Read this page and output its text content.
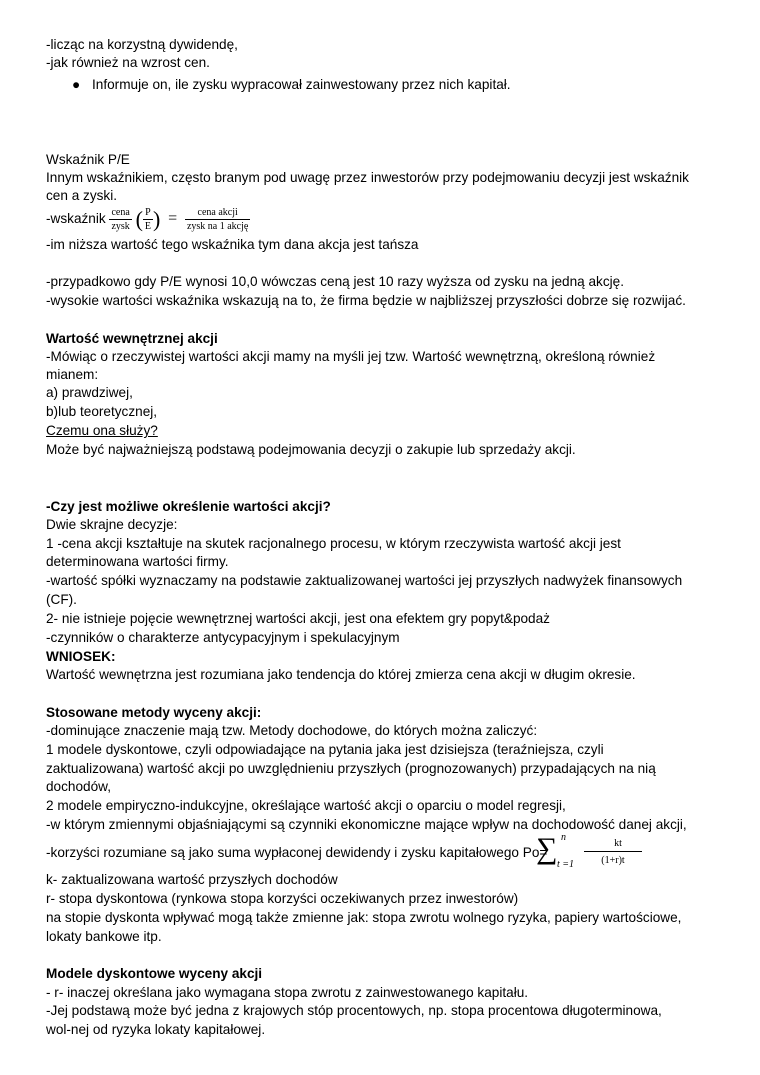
-licząc na korzystną dywidendę,
-jak również na wzrost cen.
● Informuje on, ile zysku wypracował zainwestowany przez nich kapitał.
Wskaźnik P/E
Innym wskaźnikiem, często branym pod uwagę przez inwestorów przy podejmowaniu decyzji jest wskaźnik
cen a zyski.
-wskaźnik $\frac{\text{cena}}{\text{zysk}}$ ( $\frac{P}{E}$ ) = $\frac{\text{cena akcji}}{\text{zysk na 1 akcję}}$
-im niższa wartość tego wskaźnika tym dana akcja jest tańsza
-przypadkowo gdy P/E wynosi 10,0 wówczas ceną jest 10 razy wyższa od zysku na jedną akcję.
-wysokie wartości wskaźnika wskazują na to, że firma będzie w najbliższej przyszłości dobrze się rozwijać.
Wartość wewnętrznej akcji
-Mówiąc o rzeczywistej wartości akcji mamy na myśli jej tzw. Wartość wewnętrzną, określoną również
mianem:
a) prawdziwej,
b)lub teoretycznej,
Czemu ona służy?
Może być najważniejszą podstawą podejmowania decyzji o zakupie lub sprzedaży akcji.
-Czy jest możliwe określenie wartości akcji?
Dwie skrajne decyzje:
1 -cena akcji kształtuje na skutek racjonalnego procesu, w którym rzeczywista wartość akcji jest
determinowana wartości firmy.
-wartość spółki wyznaczamy na podstawie zaktualizowanej wartości jej przyszłych nadwyżek finansowych
(CF).
2- nie istnieje pojęcie wewnętrznej wartości akcji, jest ona efektem gry popyt&podaż
-czynników o charakterze antycypacyjnym i spekulacyjnym
WNIOSEK:
Wartość wewnętrzna jest rozumiana jako tendencja do której zmierza cena akcji w długim okresie.
Stosowane metody wyceny akcji:
-dominujące znaczenie mają tzw. Metody dochodowe, do których można zaliczyć:
1 modele dyskontowe, czyli odpowiadające na pytania jaka jest dzisiejsza (teraźniejsza, czyli
zaktualizowana) wartość akcji po uwzględnieniu przyszłych (prognozowanych) przypadających na nią
dochodów,
2 modele empiryczno-indukcyjne, określające wartość akcji o oparciu o model regresji,
-w którym zmiennymi objaśniającymi są czynniki ekonomiczne mające wpływ na dochodowość danej akcji,
-korzyści rozumiane są jako suma wypłaconej dewidendy i zysku kapitałowego Po=
∑ n
t =1
kt
(1+r)t
k- zaktualizowana wartość przyszłych dochodów
r- stopa dyskontowa (rynkowa stopa korzyści oczekiwanych przez inwestorów)
na stopie dyskonta wpływać mogą także zmienne jak: stopa zwrotu wolnego ryzyka, papiery wartościowe,
lokaty bankowe itp.
Modele dyskontowe wyceny akcji
- r- inaczej określana jako wymagana stopa zwrotu z zainwestowanego kapitału.
-Jej podstawą może być jedna z krajowych stóp procentowych, np. stopa procentowa długoterminowa,
wol-nej od ryzyka lokaty kapitałowej.
